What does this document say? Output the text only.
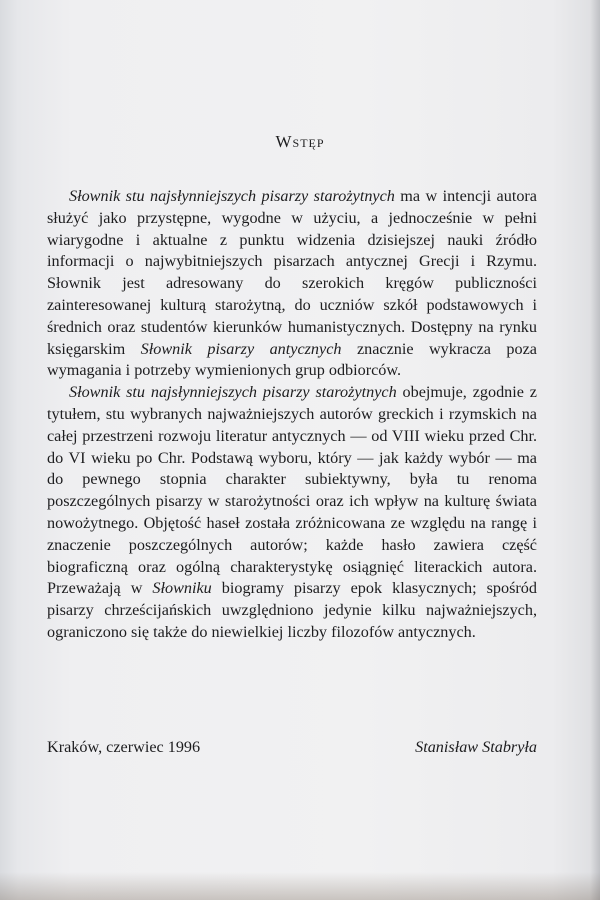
Wstęp

Słownik stu najsłynniejszych pisarzy starożytnych ma w intencji autora służyć jako przystępne, wygodne w użyciu, a jednocześnie w pełni wiarygodne i aktualne z punktu widzenia dzisiejszej nauki źródło informacji o najwybitniejszych pisarzach antycznej Grecji i Rzymu. Słownik jest adresowany do szerokich kręgów publiczności zainteresowanej kulturą starożytną, do uczniów szkół podstawowych i średnich oraz studentów kierunków humanistycznych. Dostępny na rynku księgarskim Słownik pisarzy antycznych znacznie wykracza poza wymagania i potrzeby wymienionych grup odbiorców.

Słownik stu najsłynniejszych pisarzy starożytnych obejmuje, zgodnie z tytułem, stu wybranych najważniejszych autorów greckich i rzymskich na całej przestrzeni rozwoju literatur antycznych — od VIII wieku przed Chr. do VI wieku po Chr. Podstawą wyboru, który — jak każdy wybór — ma do pewnego stopnia charakter subiektywny, była tu renoma poszczególnych pisarzy w starożytności oraz ich wpływ na kulturę świata nowożytnego. Objętość haseł została zróżnicowana ze względu na rangę i znaczenie poszczególnych autorów; każde hasło zawiera część biograficzną oraz ogólną charakterystykę osiągnięć literackich autora. Przeważają w Słowniku biogramy pisarzy epok klasycznych; spośród pisarzy chrześcijańskich uwzględniono jedynie kilku najważniejszych, ograniczono się także do niewielkiej liczby filozofów antycznych.

Kraków, czerwiec 1996	Stanisław Stabryła
